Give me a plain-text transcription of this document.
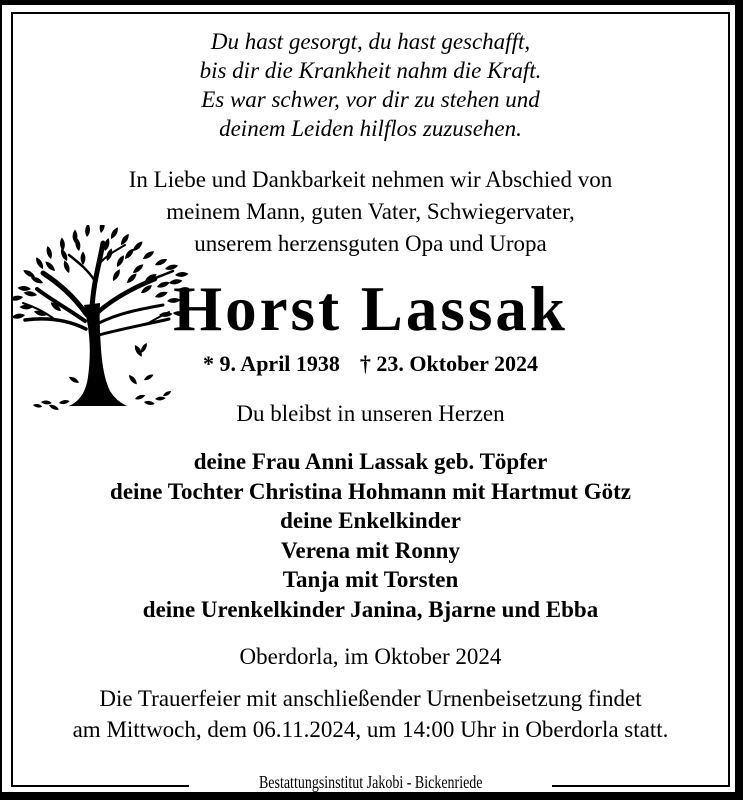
Du hast gesorgt, du hast geschafft,
bis dir die Krankheit nahm die Kraft.
Es war schwer, vor dir zu stehen und
deinem Leiden hilflos zuzusehen.
In Liebe und Dankbarkeit nehmen wir Abschied von
meinem Mann, guten Vater, Schwiegervater,
unserem herzensguten Opa und Uropa
Horst Lassak
* 9. April 1938 † 23. Oktober 2024
Du bleibst in unseren Herzen
deine Frau Anni Lassak geb. Töpfer
deine Tochter Christina Hohmann mit Hartmut Götz
deine Enkelkinder
Verena mit Ronny
Tanja mit Torsten
deine Urenkelkinder Janina, Bjarne und Ebba
Oberdorla, im Oktober 2024
Die Trauerfeier mit anschließender Urnenbeisetzung findet
am Mittwoch, dem 06.11.2024, um 14:00 Uhr in Oberdorla statt.
Bestattungsinstitut Jakobi - Bickenriede
